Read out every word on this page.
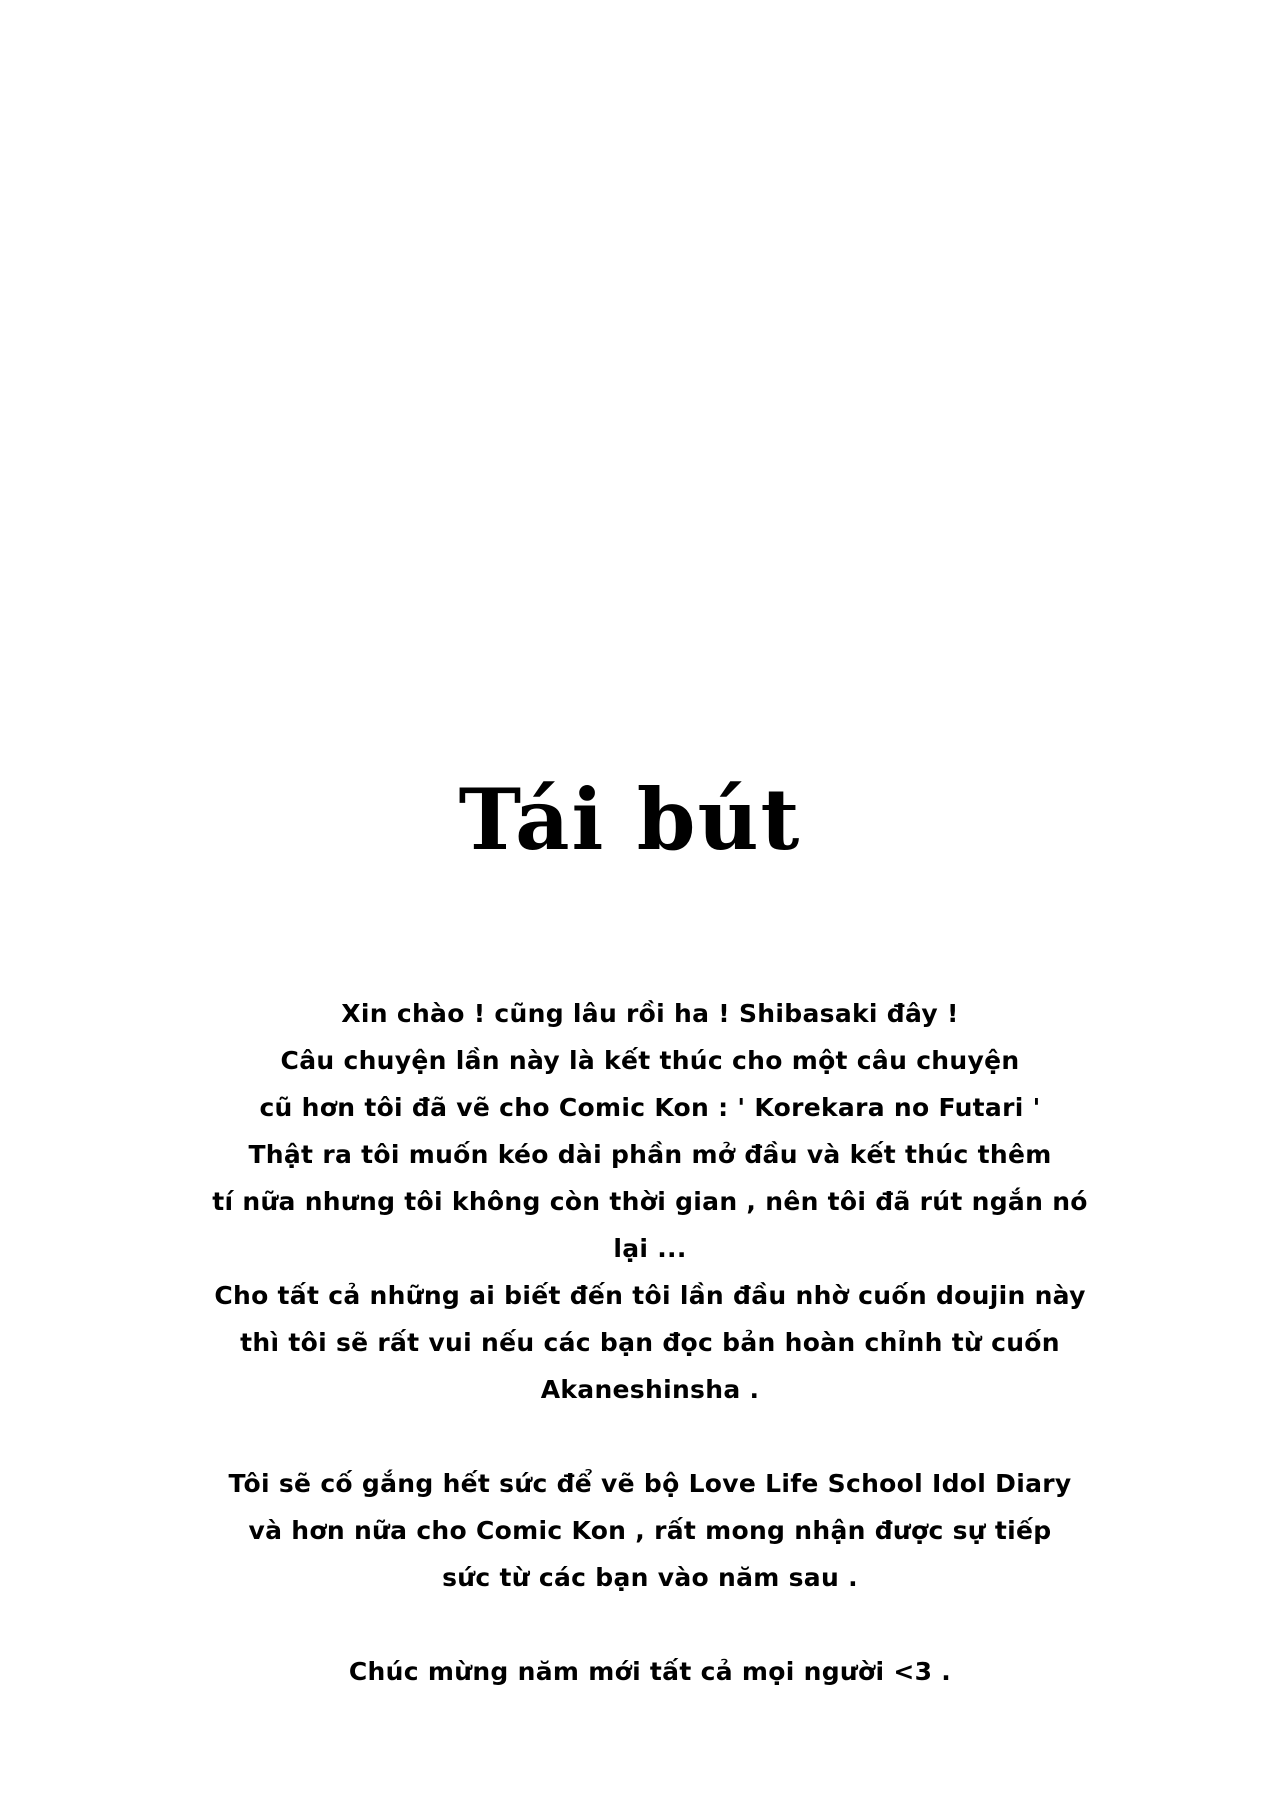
Tái bút
Xin chào ! cũng lâu rồi ha ! Shibasaki đây !
Câu chuyện lần này là kết thúc cho một câu chuyện
cũ hơn tôi đã vẽ cho Comic Kon : ' Korekara no Futari '
Thật ra tôi muốn kéo dài phần mở đầu và kết thúc thêm
tí nữa nhưng tôi không còn thời gian , nên tôi đã rút ngắn nó
lại ...
Cho tất cả những ai biết đến tôi lần đầu nhờ cuốn doujin này
thì tôi sẽ rất vui nếu các bạn đọc bản hoàn chỉnh từ cuốn
Akaneshinsha .
Tôi sẽ cố gắng hết sức để vẽ bộ Love Life School Idol Diary
và hơn nữa cho Comic Kon , rất mong nhận được sự tiếp
sức từ các bạn vào năm sau .
Chúc mừng năm mới tất cả mọi người <3 .
